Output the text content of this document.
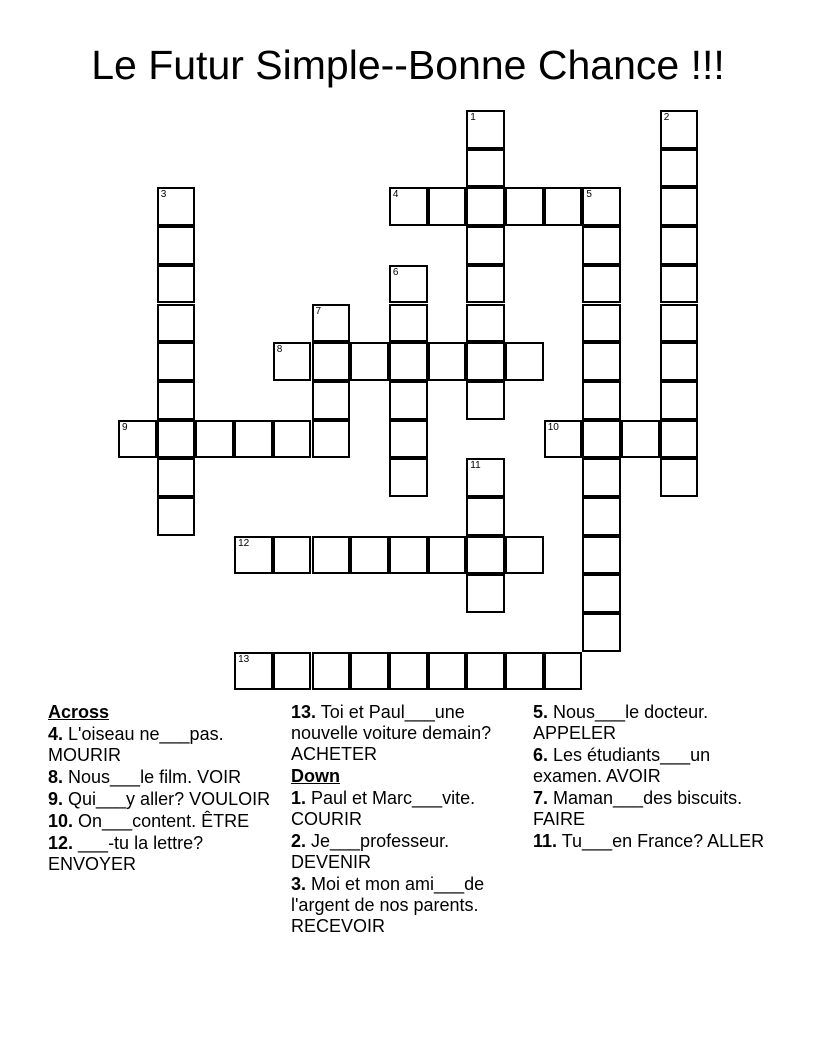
Le Futur Simple--Bonne Chance !!!
1	2
3	4	5
6
7
8
9	10
11
12
13
Across
4. L'oiseau ne___pas. MOURIR
8. Nous___le film. VOIR
9. Qui___y aller? VOULOIR
10. On___content. ÊTRE
12. ___-tu la lettre? ENVOYER
13. Toi et Paul___une nouvelle voiture demain? ACHETER
Down
1. Paul et Marc___vite. COURIR
2. Je___professeur. DEVENIR
3. Moi et mon ami___de l'argent de nos parents. RECEVOIR
5. Nous___le docteur. APPELER
6. Les étudiants___un examen. AVOIR
7. Maman___des biscuits. FAIRE
11. Tu___en France? ALLER
